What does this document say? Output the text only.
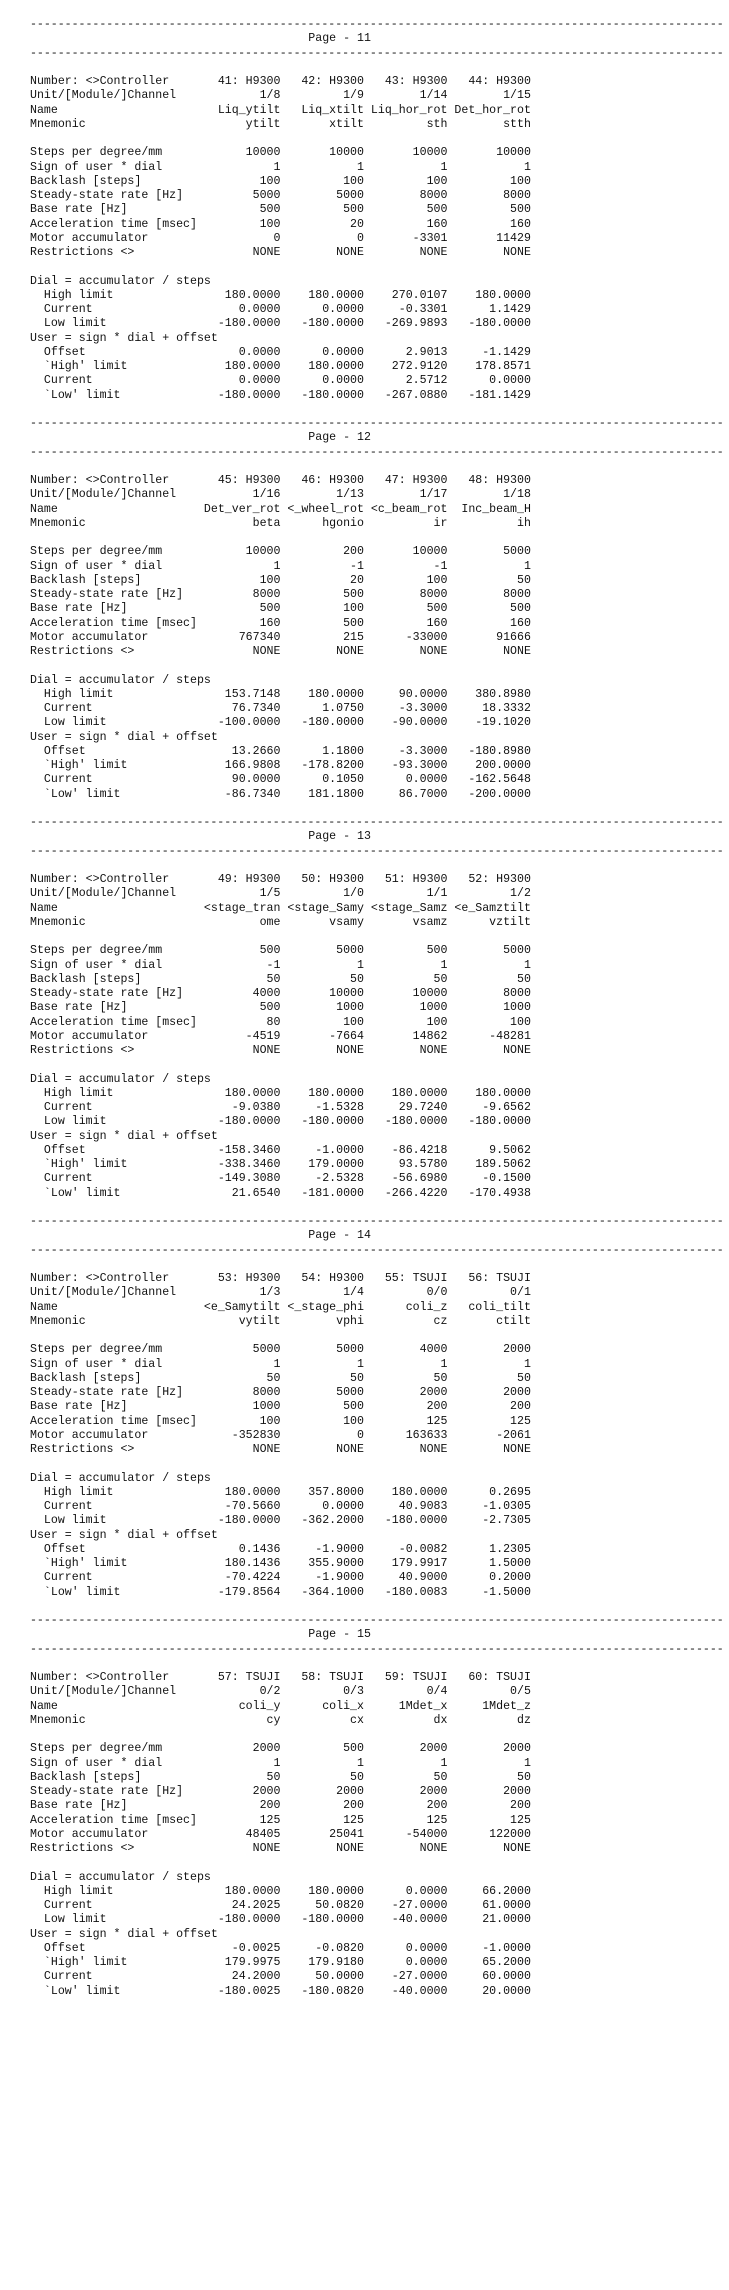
----------------------------------------------------------------------------------------------------
Page - 11
----------------------------------------------------------------------------------------------------
Number: <>Controller       41: H9300   42: H9300   43: H9300   44: H9300
Unit/[Module/]Channel            1/8         1/9        1/14        1/15
Name                       Liq_ytilt   Liq_xtilt Liq_hor_rot Det_hor_rot
Mnemonic                       ytilt       xtilt         sth        stth
Steps per degree/mm            10000       10000       10000       10000
Sign of user * dial                1           1           1           1
Backlash [steps]                 100         100         100         100
Steady-state rate [Hz]          5000        5000        8000        8000
Base rate [Hz]                   500         500         500         500
Acceleration time [msec]         100          20         160         160
Motor accumulator                  0           0       -3301       11429
Restrictions <>                 NONE        NONE        NONE        NONE
Dial = accumulator / steps
High limit                180.0000    180.0000    270.0107    180.0000
Current                     0.0000      0.0000     -0.3301      1.1429
Low limit                -180.0000   -180.0000   -269.9893   -180.0000
User = sign * dial + offset
Offset                      0.0000      0.0000      2.9013     -1.1429
`High' limit              180.0000    180.0000    272.9120    178.8571
Current                     0.0000      0.0000      2.5712      0.0000
`Low' limit              -180.0000   -180.0000   -267.0880   -181.1429
----------------------------------------------------------------------------------------------------
Page - 12
----------------------------------------------------------------------------------------------------
Number: <>Controller       45: H9300   46: H9300   47: H9300   48: H9300
Unit/[Module/]Channel           1/16        1/13        1/17        1/18
Name                     Det_ver_rot <_wheel_rot <c_beam_rot  Inc_beam_H
Mnemonic                        beta      hgonio          ir          ih
Steps per degree/mm            10000         200       10000        5000
Sign of user * dial                1          -1          -1           1
Backlash [steps]                 100          20         100          50
Steady-state rate [Hz]          8000         500        8000        8000
Base rate [Hz]                   500         100         500         500
Acceleration time [msec]         160         500         160         160
Motor accumulator             767340         215      -33000       91666
Restrictions <>                 NONE        NONE        NONE        NONE
Dial = accumulator / steps
High limit                153.7148    180.0000     90.0000    380.8980
Current                    76.7340      1.0750     -3.3000     18.3332
Low limit                -100.0000   -180.0000    -90.0000    -19.1020
User = sign * dial + offset
Offset                     13.2660      1.1800     -3.3000   -180.8980
`High' limit              166.9808   -178.8200    -93.3000    200.0000
Current                    90.0000      0.1050      0.0000   -162.5648
`Low' limit               -86.7340    181.1800     86.7000   -200.0000
----------------------------------------------------------------------------------------------------
Page - 13
----------------------------------------------------------------------------------------------------
Number: <>Controller       49: H9300   50: H9300   51: H9300   52: H9300
Unit/[Module/]Channel            1/5         1/0         1/1         1/2
Name                     <stage_tran <stage_Samy <stage_Samz <e_Samztilt
Mnemonic                         ome       vsamy       vsamz      vztilt
Steps per degree/mm              500        5000         500        5000
Sign of user * dial               -1           1           1           1
Backlash [steps]                  50          50          50          50
Steady-state rate [Hz]          4000       10000       10000        8000
Base rate [Hz]                   500        1000        1000        1000
Acceleration time [msec]          80         100         100         100
Motor accumulator              -4519       -7664       14862      -48281
Restrictions <>                 NONE        NONE        NONE        NONE
Dial = accumulator / steps
High limit                180.0000    180.0000    180.0000    180.0000
Current                    -9.0380     -1.5328     29.7240     -9.6562
Low limit                -180.0000   -180.0000   -180.0000   -180.0000
User = sign * dial + offset
Offset                   -158.3460     -1.0000    -86.4218      9.5062
`High' limit             -338.3460    179.0000     93.5780    189.5062
Current                  -149.3080     -2.5328    -56.6980     -0.1500
`Low' limit                21.6540   -181.0000   -266.4220   -170.4938
----------------------------------------------------------------------------------------------------
Page - 14
----------------------------------------------------------------------------------------------------
Number: <>Controller       53: H9300   54: H9300   55: TSUJI   56: TSUJI
Unit/[Module/]Channel            1/3         1/4         0/0         0/1
Name                     <e_Samytilt <_stage_phi      coli_z   coli_tilt
Mnemonic                      vytilt        vphi          cz       ctilt
Steps per degree/mm             5000        5000        4000        2000
Sign of user * dial                1           1           1           1
Backlash [steps]                  50          50          50          50
Steady-state rate [Hz]          8000        5000        2000        2000
Base rate [Hz]                  1000         500         200         200
Acceleration time [msec]         100         100         125         125
Motor accumulator            -352830           0      163633       -2061
Restrictions <>                 NONE        NONE        NONE        NONE
Dial = accumulator / steps
High limit                180.0000    357.8000    180.0000      0.2695
Current                   -70.5660      0.0000     40.9083     -1.0305
Low limit                -180.0000   -362.2000   -180.0000     -2.7305
User = sign * dial + offset
Offset                      0.1436     -1.9000     -0.0082      1.2305
`High' limit              180.1436    355.9000    179.9917      1.5000
Current                   -70.4224     -1.9000     40.9000      0.2000
`Low' limit              -179.8564   -364.1000   -180.0083     -1.5000
----------------------------------------------------------------------------------------------------
Page - 15
----------------------------------------------------------------------------------------------------
Number: <>Controller       57: TSUJI   58: TSUJI   59: TSUJI   60: TSUJI
Unit/[Module/]Channel            0/2         0/3         0/4         0/5
Name                          coli_y      coli_x     1Mdet_x     1Mdet_z
Mnemonic                          cy          cx          dx          dz
Steps per degree/mm             2000         500        2000        2000
Sign of user * dial                1           1           1           1
Backlash [steps]                  50          50          50          50
Steady-state rate [Hz]          2000        2000        2000        2000
Base rate [Hz]                   200         200         200         200
Acceleration time [msec]         125         125         125         125
Motor accumulator              48405       25041      -54000      122000
Restrictions <>                 NONE        NONE        NONE        NONE
Dial = accumulator / steps
High limit                180.0000    180.0000      0.0000     66.2000
Current                    24.2025     50.0820    -27.0000     61.0000
Low limit                -180.0000   -180.0000    -40.0000     21.0000
User = sign * dial + offset
Offset                     -0.0025     -0.0820      0.0000     -1.0000
`High' limit              179.9975    179.9180      0.0000     65.2000
Current                    24.2000     50.0000    -27.0000     60.0000
`Low' limit              -180.0025   -180.0820    -40.0000     20.0000
